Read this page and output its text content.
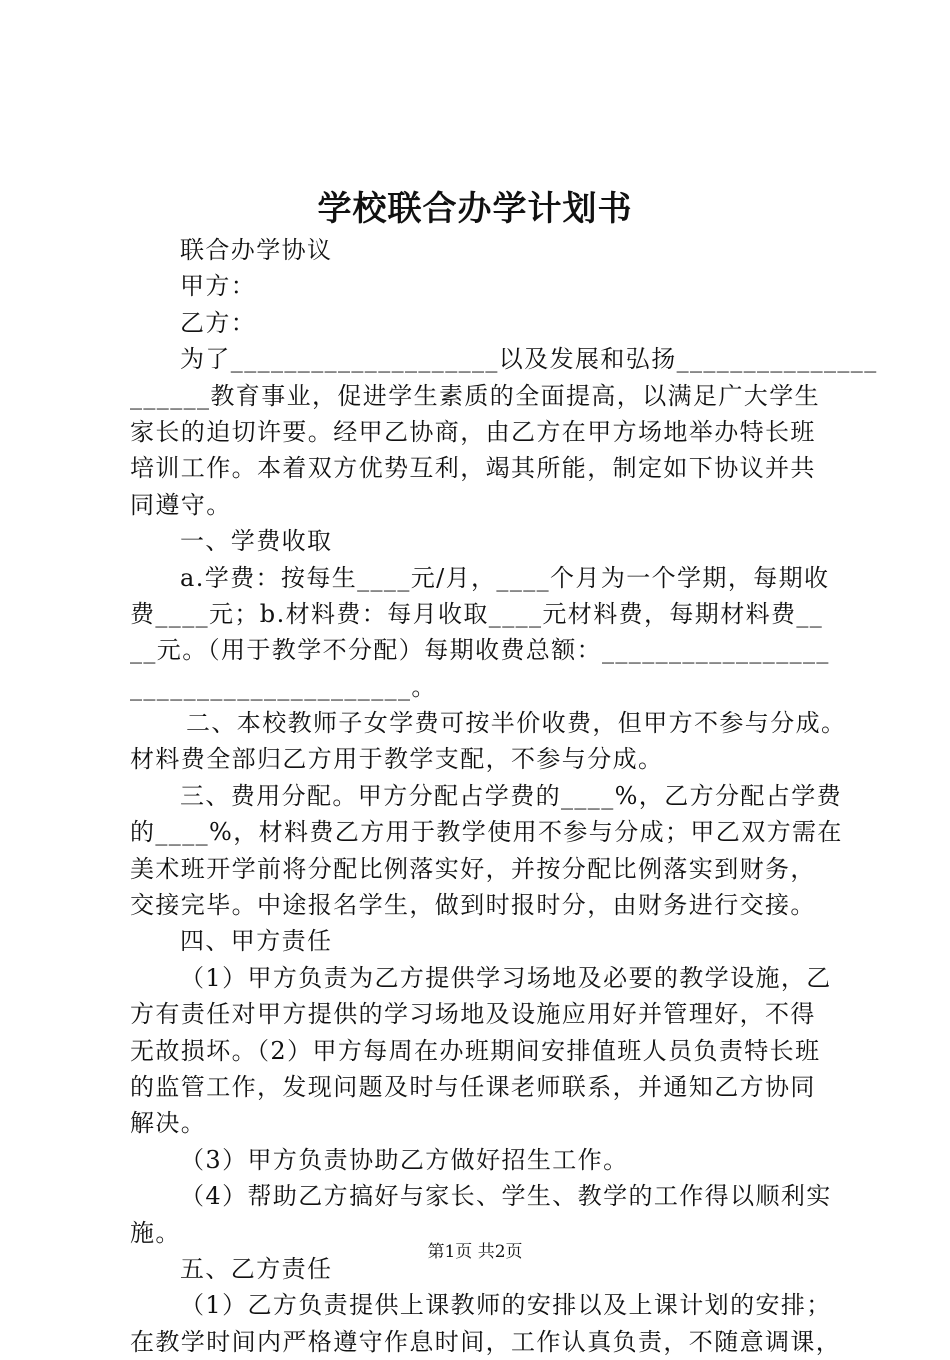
学校联合办学计划书

联合办学协议

甲方：

乙方：

为了____________________以及发展和弘扬_______________

______教育事业，促进学生素质的全面提高，以满足广大学生

家长的迫切许要。经甲乙协商，由乙方在甲方场地举办特长班

培训工作。本着双方优势互利，竭其所能，制定如下协议并共

同遵守。

一、学费收取

a.学费：按每生____元/月，____个月为一个学期，每期收

费____元；b.材料费：每月收取____元材料费，每期材料费__

__元。（用于教学不分配）每期收费总额：_________________

_____________________。

二、本校教师子女学费可按半价收费，但甲方不参与分成。

材料费全部归乙方用于教学支配，不参与分成。

三、费用分配。甲方分配占学费的____%，乙方分配占学费

的____%，材料费乙方用于教学使用不参与分成；甲乙双方需在

美术班开学前将分配比例落实好，并按分配比例落实到财务，

交接完毕。中途报名学生，做到时报时分，由财务进行交接。

四、甲方责任

（1）甲方负责为乙方提供学习场地及必要的教学设施，乙

方有责任对甲方提供的学习场地及设施应用好并管理好，不得

无故损坏。（2）甲方每周在办班期间安排值班人员负责特长班

的监管工作，发现问题及时与任课老师联系，并通知乙方协同

解决。

（3）甲方负责协助乙方做好招生工作。

（4）帮助乙方搞好与家长、学生、教学的工作得以顺利实

施。

五、乙方责任

（1）乙方负责提供上课教师的安排以及上课计划的安排；

在教学时间内严格遵守作息时间，工作认真负责，不随意调课，

第1页 共2页
